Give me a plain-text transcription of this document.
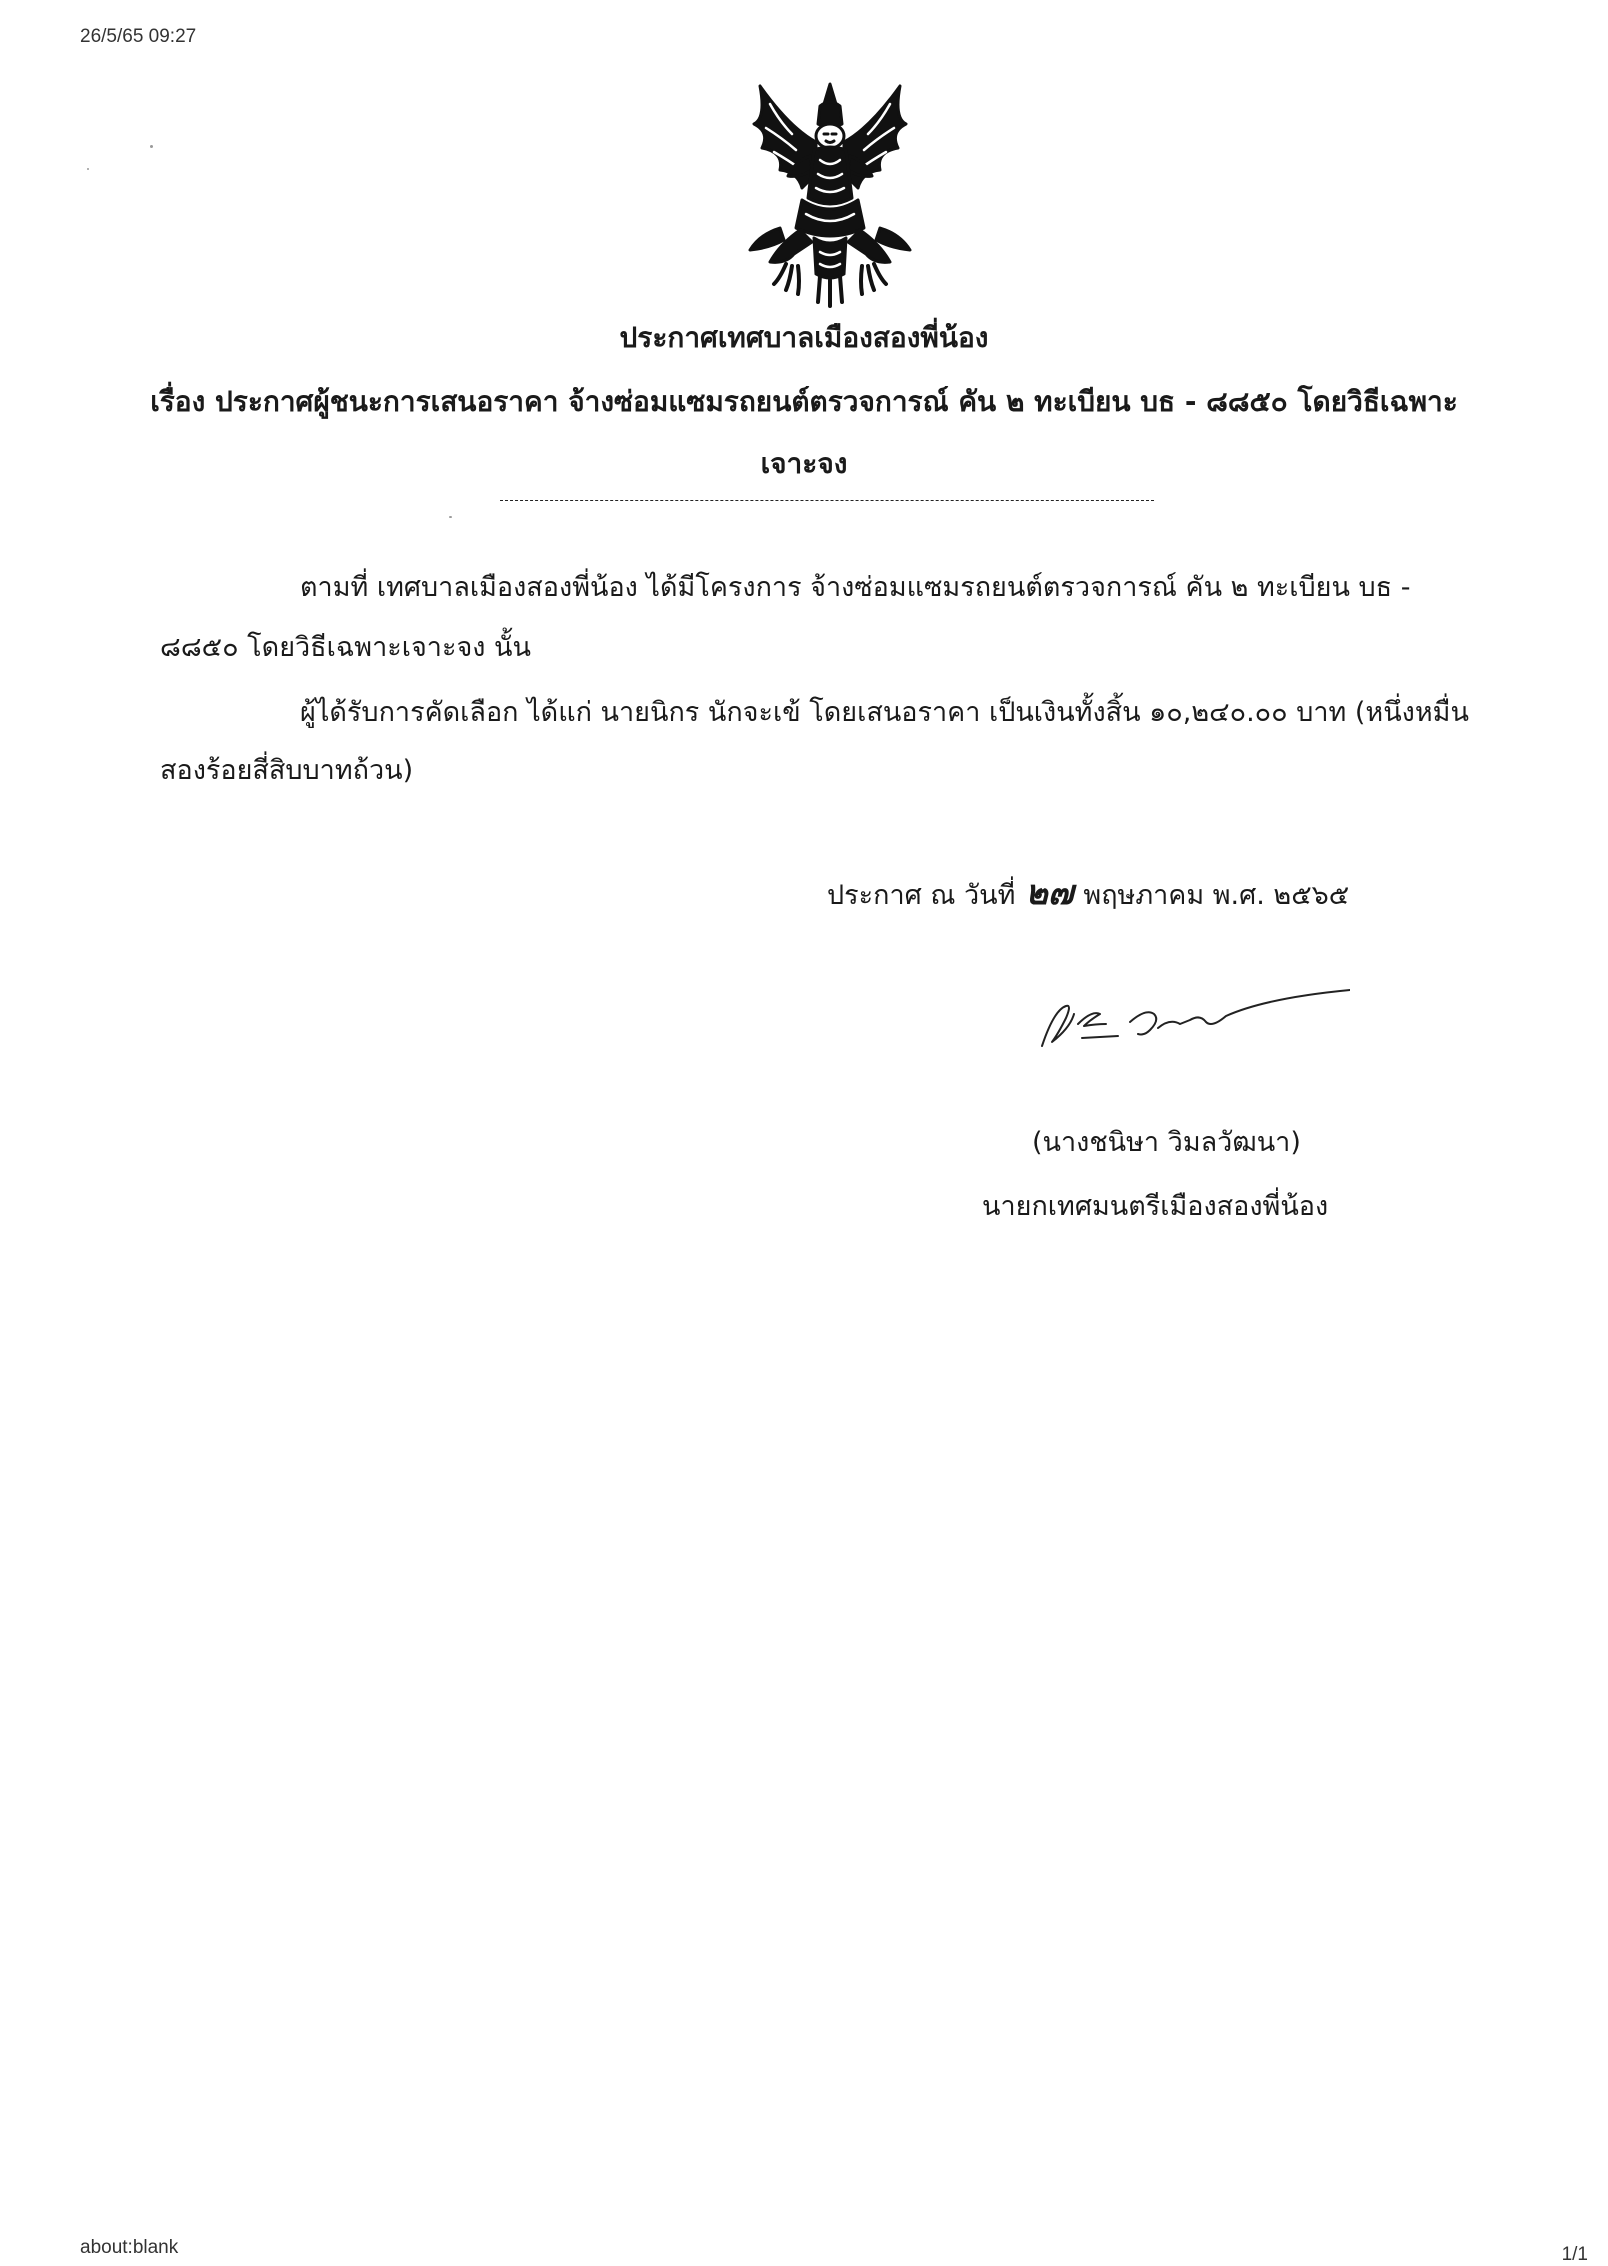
26/5/65 09:27
ประกาศเทศบาลเมืองสองพี่น้อง
เรื่อง ประกาศผู้ชนะการเสนอราคา จ้างซ่อมแซมรถยนต์ตรวจการณ์ คัน ๒ ทะเบียน บธ - ๘๘๕๐ โดยวิธีเฉพาะ
เจาะจง
ตามที่ เทศบาลเมืองสองพี่น้อง ได้มีโครงการ จ้างซ่อมแซมรถยนต์ตรวจการณ์ คัน ๒ ทะเบียน บธ -
๘๘๕๐ โดยวิธีเฉพาะเจาะจง นั้น
ผู้ได้รับการคัดเลือก ได้แก่ นายนิกร นักจะเข้ โดยเสนอราคา เป็นเงินทั้งสิ้น ๑๐,๒๔๐.๐๐ บาท (หนึ่งหมื่น
สองร้อยสี่สิบบาทถ้วน)
ประกาศ ณ วันที่ ๒๗ พฤษภาคม พ.ศ. ๒๕๖๕
(นางชนิษา วิมลวัฒนา)
นายกเทศมนตรีเมืองสองพี่น้อง
about:blank	1/1
